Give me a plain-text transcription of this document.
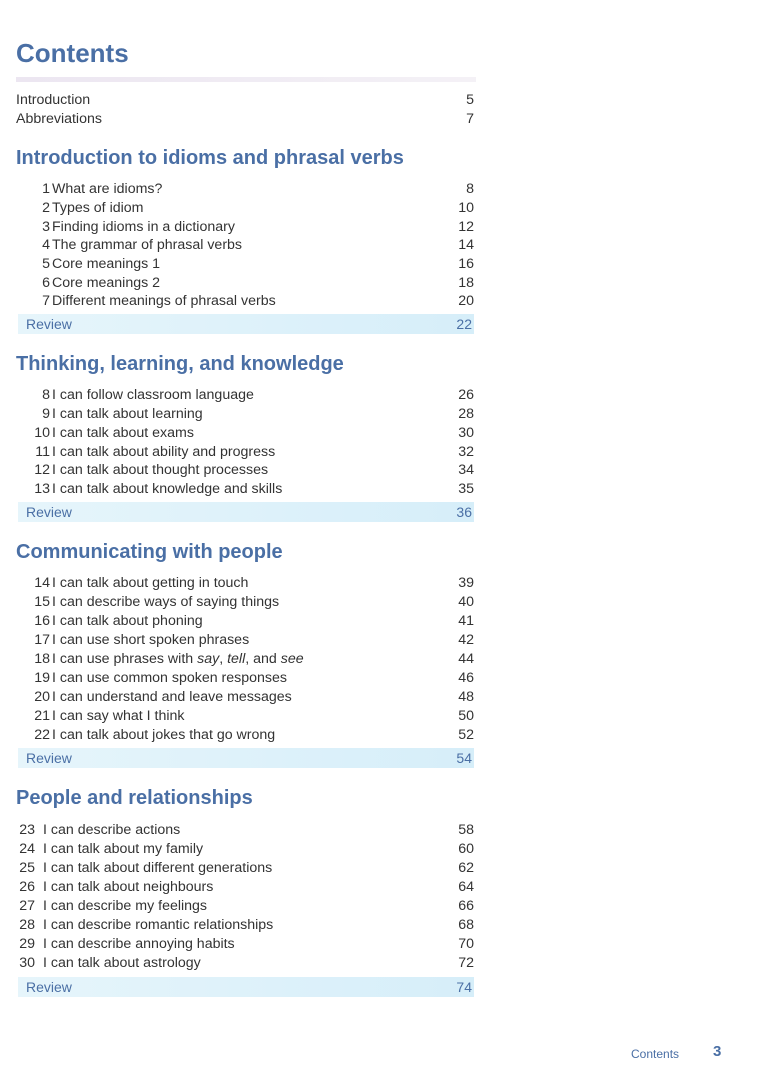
Contents
Introduction	5
Abbreviations	7
Introduction to idioms and phrasal verbs
1 What are idioms?	8
2 Types of idiom	10
3 Finding idioms in a dictionary	12
4 The grammar of phrasal verbs	14
5 Core meanings 1	16
6 Core meanings 2	18
7 Different meanings of phrasal verbs	20
Review	22
Thinking, learning, and knowledge
8 I can follow classroom language	26
9 I can talk about learning	28
10 I can talk about exams	30
11 I can talk about ability and progress	32
12 I can talk about thought processes	34
13 I can talk about knowledge and skills	35
Review	36
Communicating with people
14 I can talk about getting in touch	39
15 I can describe ways of saying things	40
16 I can talk about phoning	41
17 I can use short spoken phrases	42
18 I can use phrases with say, tell, and see	44
19 I can use common spoken responses	46
20 I can understand and leave messages	48
21 I can say what I think	50
22 I can talk about jokes that go wrong	52
Review	54
People and relationships
23 I can describe actions	58
24 I can talk about my family	60
25 I can talk about different generations	62
26 I can talk about neighbours	64
27 I can describe my feelings	66
28 I can describe romantic relationships	68
29 I can describe annoying habits	70
30 I can talk about astrology	72
Review	74
Contents 3
